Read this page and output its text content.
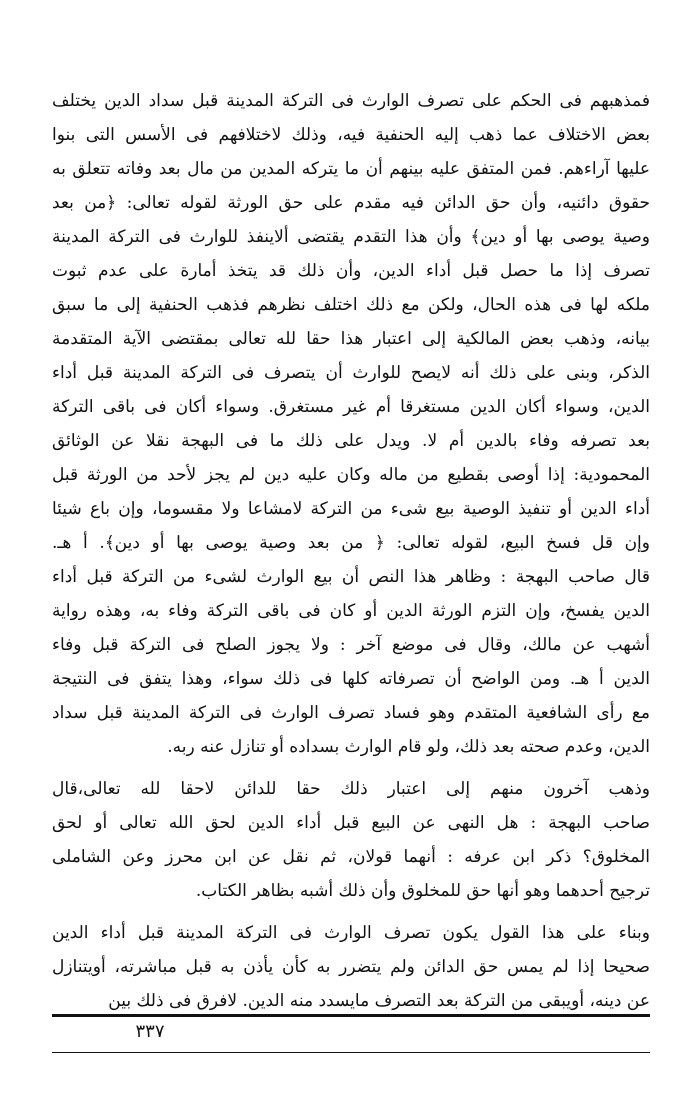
فمذهبهم فى الحكم على تصرف الوارث فى التركة المدينة قبل سداد الدين يختلف
بعض الاختلاف عما ذهب إليه الحنفية فيه، وذلك لاختلافهم فى الأسس التى بنوا
عليها آراءهم. فمن المتفق عليه بينهم أن ما يتركه المدين من مال بعد وفاته تتعلق به
حقوق دائنيه، وأن حق الدائن فيه مقدم على حق الورثة لقوله تعالى: ﴿من بعد
وصية يوصى بها أو دين﴾ وأن هذا التقدم يقتضى ألاينفذ للوارث فى التركة المدينة
تصرف إذا ما حصل قبل أداء الدين، وأن ذلك قد يتخذ أمارة على عدم ثبوت
ملكه لها فى هذه الحال، ولكن مع ذلك اختلف نظرهم فذهب الحنفية إلى ما سبق
بيانه، وذهب بعض المالكية إلى اعتبار هذا حقا لله تعالى بمقتضى الآية المتقدمة
الذكر، وبنى على ذلك أنه لايصح للوارث أن يتصرف فى التركة المدينة قبل أداء
الدين، وسواء أكان الدين مستغرقا أم غير مستغرق. وسواء أكان فى باقى التركة
بعد تصرفه وفاء بالدين أم لا. ويدل على ذلك ما فى البهجة نقلا عن الوثائق
المحمودية: إذا أوصى بقطيع من ماله وكان عليه دين لم يجز لأحد من الورثة قبل
أداء الدين أو تنفيذ الوصية بيع شىء من التركة لامشاعا ولا مقسوما، وإن باع شيئا
وإن قل فسخ البيع، لقوله تعالى: ﴿ من بعد وصية يوصى بها أو دين﴾. أ هـ.
قال صاحب البهجة : وظاهر هذا النص أن بيع الوارث لشىء من التركة قبل أداء
الدين يفسخ، وإن التزم الورثة الدين أو كان فى باقى التركة وفاء به، وهذه رواية
أشهب عن مالك، وقال فى موضع آخر : ولا يجوز الصلح فى التركة قبل وفاء
الدين أ هـ. ومن الواضح أن تصرفاته كلها فى ذلك سواء، وهذا يتفق فى النتيجة
مع رأى الشافعية المتقدم وهو فساد تصرف الوارث فى التركة المدينة قبل سداد
الدين، وعدم صحته بعد ذلك، ولو قام الوارث بسداده أو تنازل عنه ربه.
وذهب آخرون منهم إلى اعتبار ذلك حقا للدائن لاحقا لله تعالى،قال
صاحب البهجة : هل النهى عن البيع قبل أداء الدين لحق الله تعالى أو لحق
المخلوق؟ ذكر ابن عرفه : أنهما قولان، ثم نقل عن ابن محرز وعن الشاملى
ترجيح أحدهما وهو أنها حق للمخلوق وأن ذلك أشبه بظاهر الكتاب.
وبناء على هذا القول يكون تصرف الوارث فى التركة المدينة قبل أداء الدين
صحيحا إذا لم يمس حق الدائن ولم يتضرر به كأن يأذن به قبل مباشرته، أويتنازل
عن دينه، أويبقى من التركة بعد التصرف مايسدد منه الدين. لافرق فى ذلك بين
٣٣٧
